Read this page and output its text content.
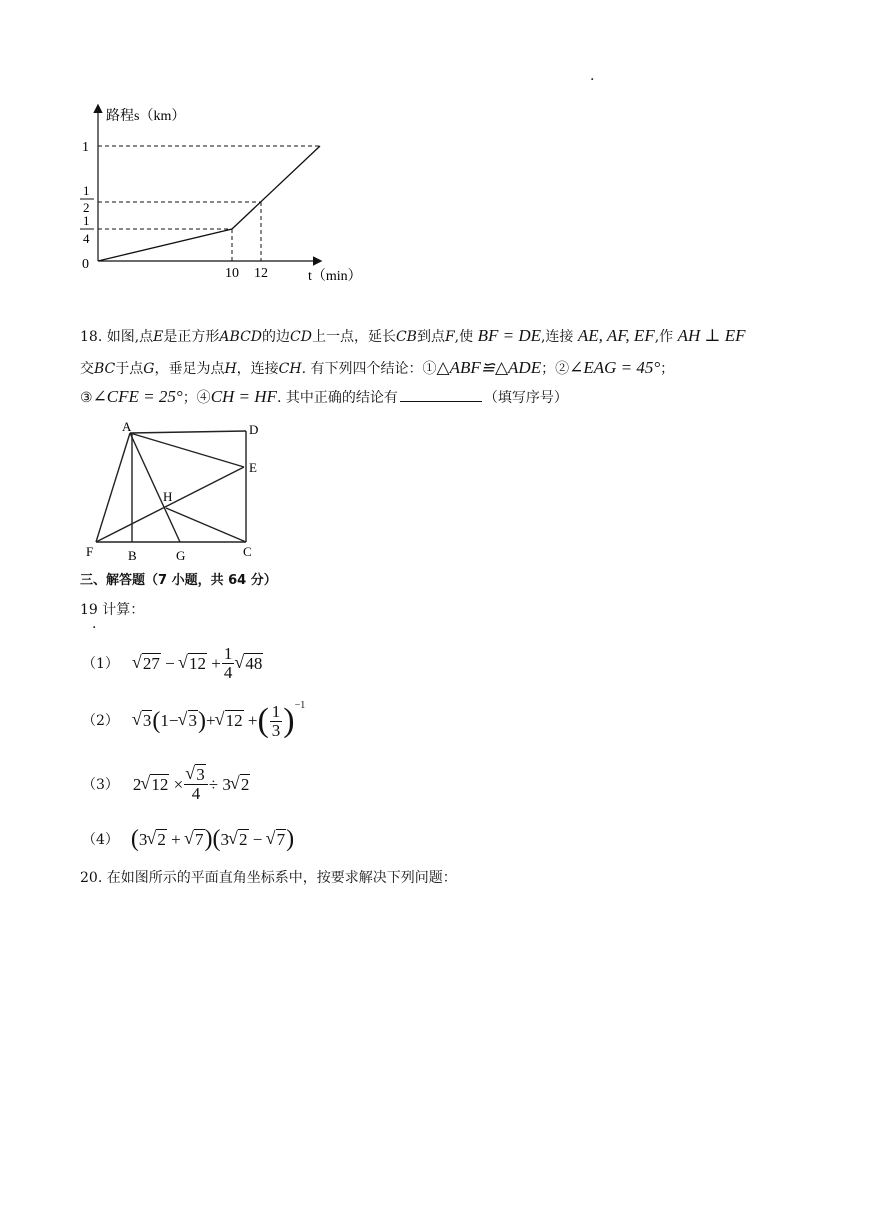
·
路程s（km）
t（min）
0
1
1
2
1
4
10 12
18. 如图,点E是正方形ABCD的边CD上一点，延长CB到点F,使 BF = DE,连接 AE, AF, EF,作 AH ⊥ EF
交BC于点G，垂足为点H，连接CH. 有下列四个结论：①△ABF≌△ADE；②∠EAG = 45°；
③∠CFE = 25°；④CH = HF. 其中正确的结论有	（填写序号）
A	D
E
H
F	B	G	C
三、解答题（7 小题，共 64 分）
19 计算：
·
（1）	√ 27 − √ $12 + \frac{1}{4}$ √ 48
（2）	√ 3 ( 1− √ 3 ) + √ 12 + ( $\frac{1}{3}$ ) −1
（3） 2 √ 12 × √ $\frac{3}{4} \div 3$ √ 2
（4） ( 3 √ 2 + √ 7 )( 3 √ 2 − √ 7 )
20. 在如图所示的平面直角坐标系中，按要求解决下列问题：
